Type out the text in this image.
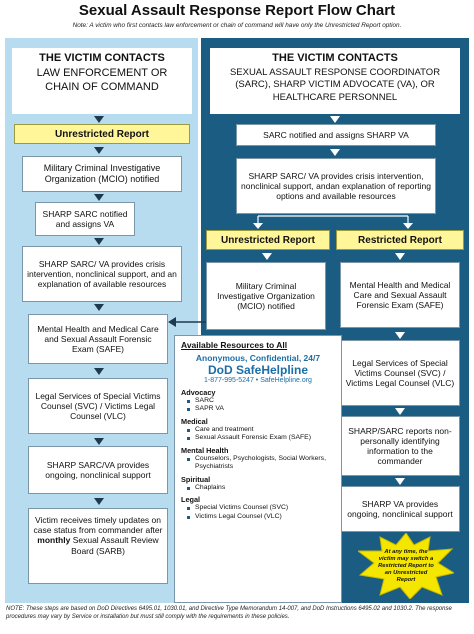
Sexual Assault Response Report Flow Chart
Note: A victim who first contacts law enforcement or chain of command will have only the Unrestricted Report option.
THE VICTIM CONTACTS
LAW ENFORCEMENT OR CHAIN OF COMMAND
Unrestricted Report
Military Criminal Investigative Organization (MCIO) notified
SHARP SARC notified and assigns VA
SHARP SARC/ VA provides crisis intervention, nonclinical support, and an explanation of available resources
Mental Health and Medical Care and Sexual Assault Forensic Exam (SAFE)
Legal Services of Special Victims Counsel (SVC) / Victims Legal Counsel (VLC)
SHARP SARC/VA provides ongoing, nonclinical support
Victim receives timely updates on case status from commander after monthly Sexual Assault Review Board (SARB)
THE VICTIM CONTACTS
SEXUAL ASSAULT RESPONSE COORDINATOR (SARC), SHARP VICTIM ADVOCATE (VA), OR HEALTHCARE PERSONNEL
SARC notified and assigns SHARP VA
SHARP SARC/ VA provides crisis intervention, nonclinical support, andan explanation of reporting options and available resources
Unrestricted Report	Restricted Report
Military Criminal Investigative Organization (MCIO) notified
Mental Health and Medical Care and Sexual Assault Forensic Exam (SAFE)
Legal Services of Special Victims Counsel (SVC) / Victims Legal Counsel (VLC)
SHARP/SARC reports non-personally identifying information to the commander
SHARP VA provides ongoing, nonclinical support
Available Resources to All
Anonymous, Confidential, 24/7
DoD SafeHelpline
1-877-995-5247 • SafeHelpline.org
Advocacy
SARC
SAPR VA
Medical
Care and treatment
Sexual Assault Forensic Exam (SAFE)
Mental Health
Counselors, Psychologists, Social Workers, Psychiatrists
Spiritual
Chaplains
Legal
Special Victims Counsel (SVC)
Victims Legal Counsel (VLC)
At any time, the victim may switch a Restricted Report to an Unrestricted Report
NOTE: These steps are based on DoD Directives 6495.01, 1030.01, and Directive Type Memorandum 14-007, and DoD Instructions 6495.02 and 1030.2. The response procedures may vary by Service or installation but must still comply with the requirements in these policies.
